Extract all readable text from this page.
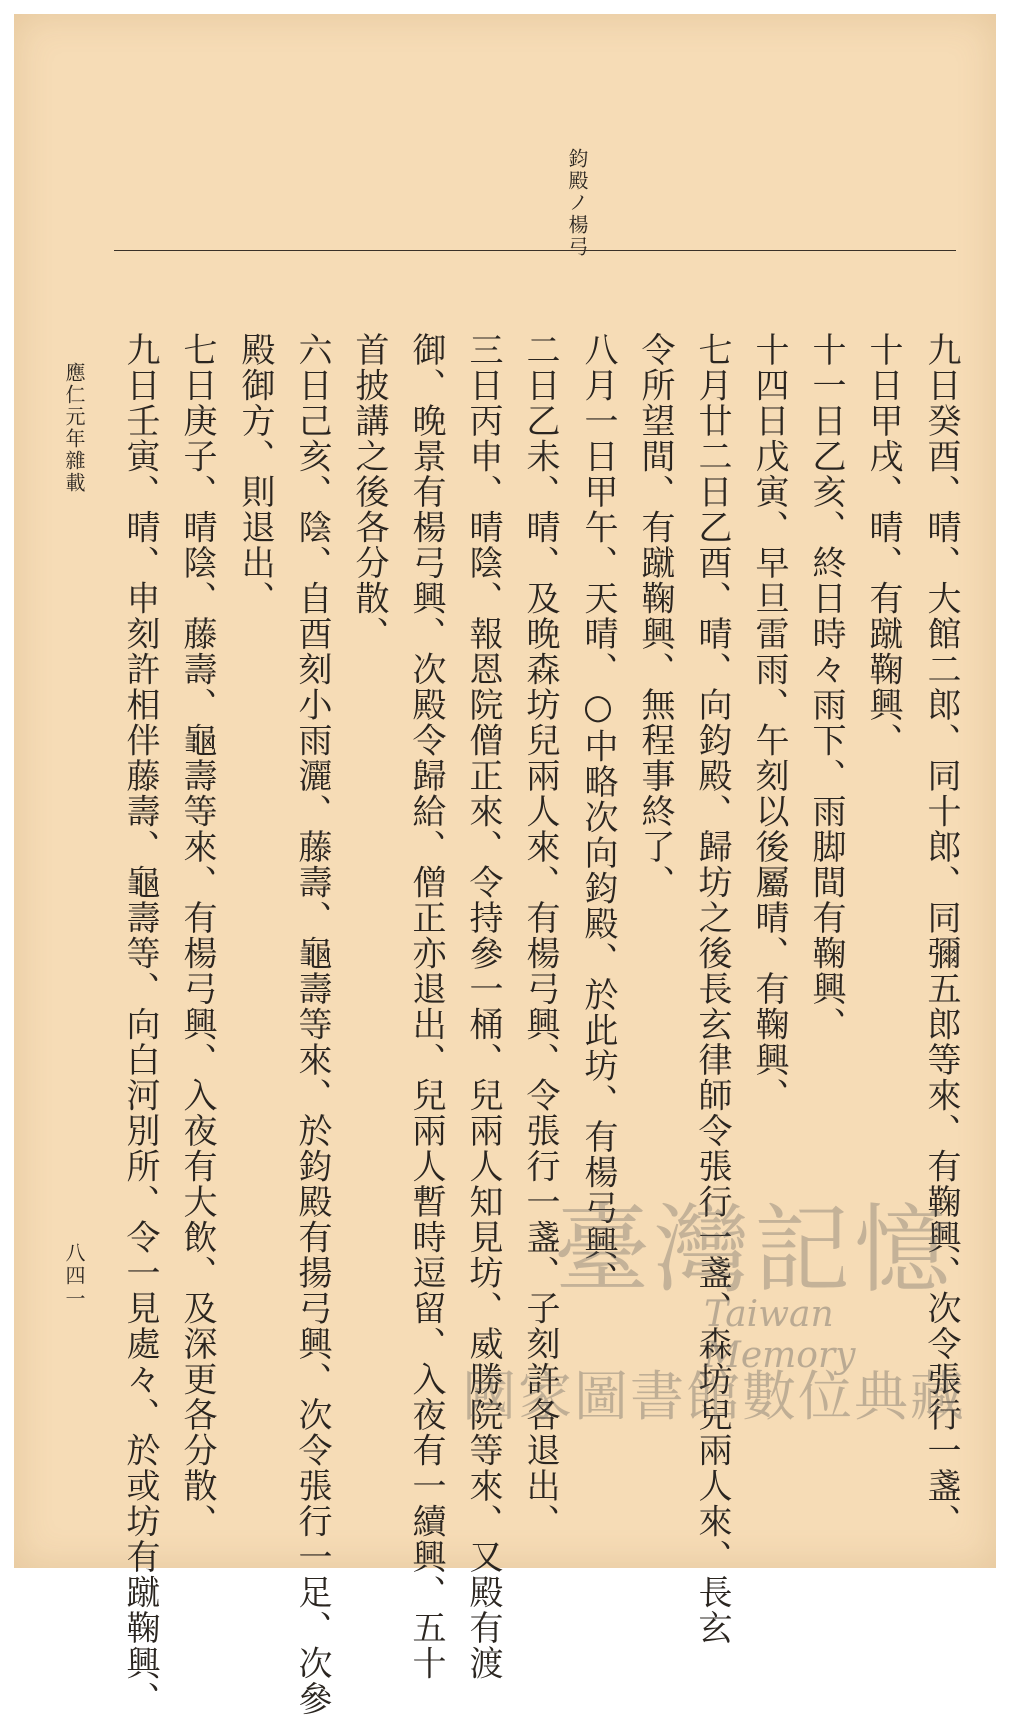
鈞殿ノ楊弓
九日癸酉、晴、大館二郎、同十郎、同彌五郎等來、有鞠興、次令張行一盞、
十日甲戌、晴、有蹴鞠興、
十一日乙亥、終日時々雨下、雨脚間有鞠興、
十四日戊寅、早旦雷雨、午刻以後屬晴、有鞠興、
七月廿二日乙酉、晴、向鈞殿、歸坊之後長玄律師令張行一盞、森坊兒兩人來、長玄
令所望間、有蹴鞠興、無程事終了、
八月一日甲午、天晴、○中略次向鈞殿、於此坊、有楊弓興、
二日乙未、晴、及晚森坊兒兩人來、有楊弓興、令張行一盞、子刻許各退出、
三日丙申、晴陰、報恩院僧正來、令持參一桶、兒兩人知見坊、威勝院等來、又殿有渡
御、晚景有楊弓興、次殿令歸給、僧正亦退出、兒兩人暫時逗留、入夜有一續興、五十
首披講之後各分散、
六日己亥、陰、自酉刻小雨灑、藤壽、龜壽等來、於鈞殿有揚弓興、次令張行一足、次參
殿御方、則退出、
七日庚子、晴陰、藤壽、龜壽等來、有楊弓興、入夜有大飲、及深更各分散、
九日壬寅、晴、申刻許相伴藤壽、龜壽等、向白河別所、令一見處々、於或坊有蹴鞠興、
應仁元年雜載
八四一	臺灣記憶
Taiwan Memory
國家圖書館數位典藏
